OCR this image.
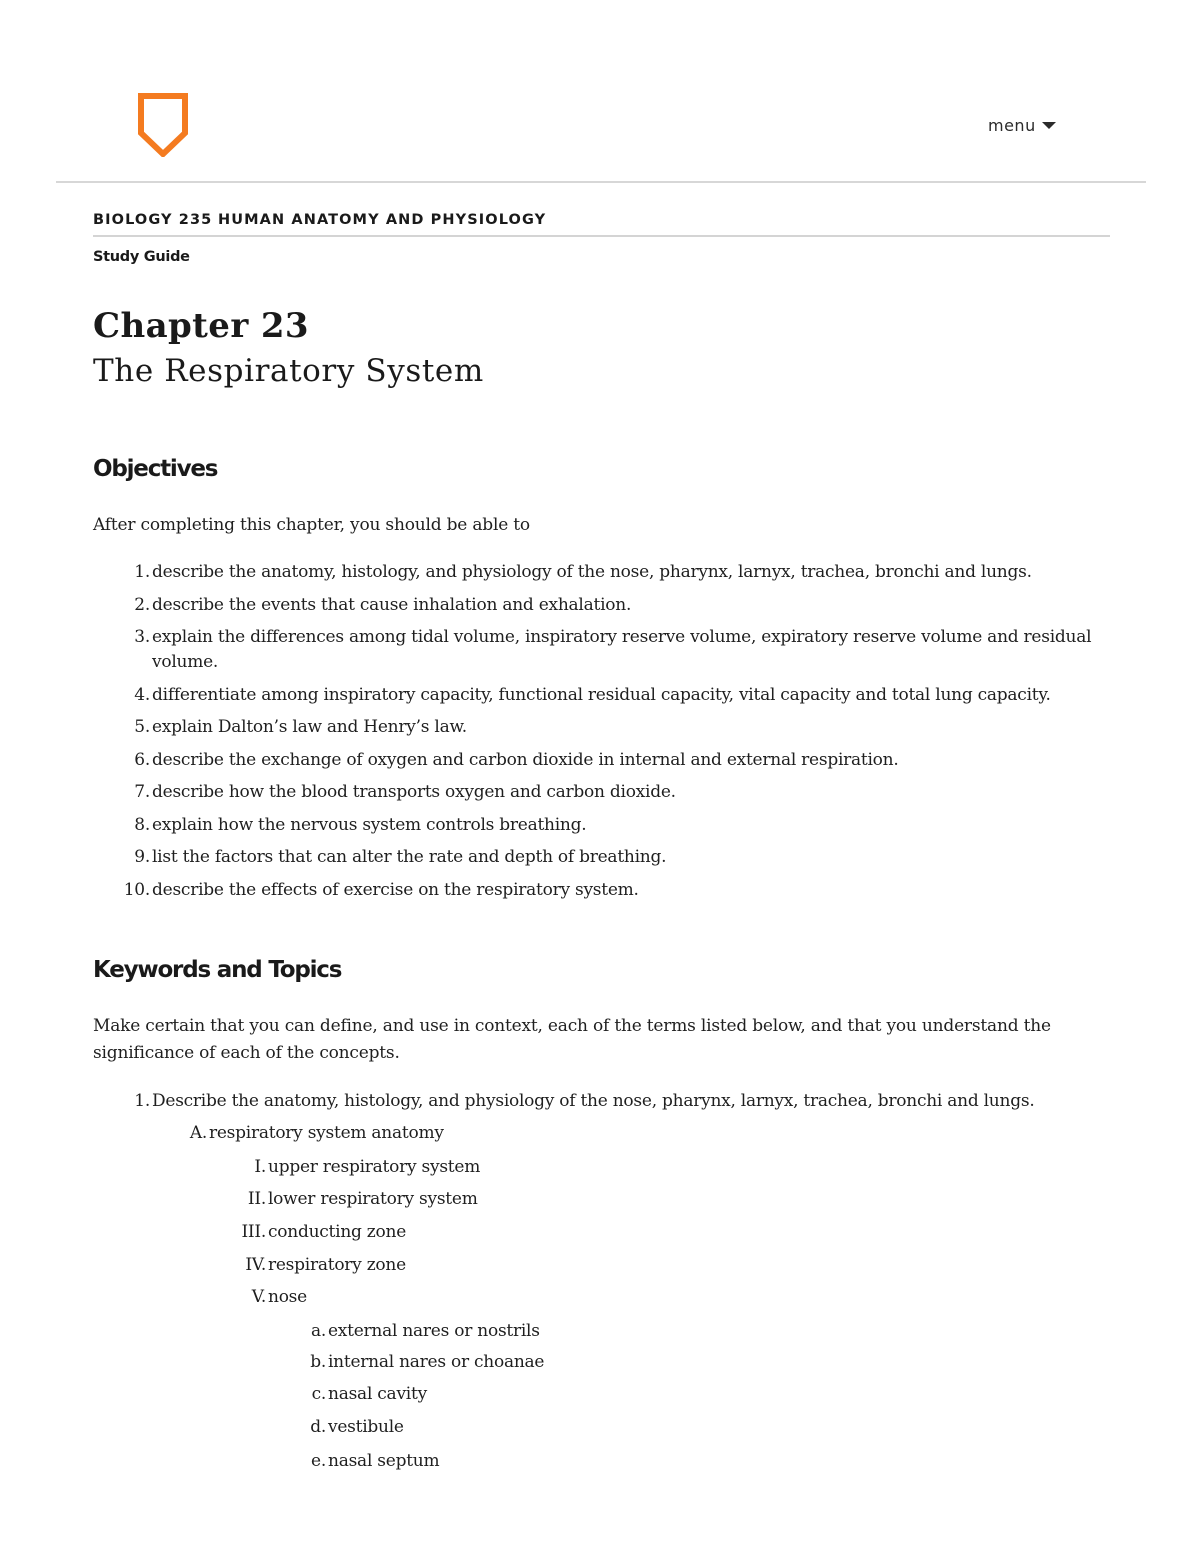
menu
BIOLOGY 235 HUMAN ANATOMY AND PHYSIOLOGY
Study Guide
Chapter 23
The Respiratory System
Objectives
After completing this chapter, you should be able to
1. describe the anatomy, histology, and physiology of the nose, pharynx, larnyx, trachea, bronchi and lungs.
2. describe the events that cause inhalation and exhalation.
3. explain the differences among tidal volume, inspiratory reserve volume, expiratory reserve volume and residual volume.
4. differentiate among inspiratory capacity, functional residual capacity, vital capacity and total lung capacity.
5. explain Dalton’s law and Henry’s law.
6. describe the exchange of oxygen and carbon dioxide in internal and external respiration.
7. describe how the blood transports oxygen and carbon dioxide.
8. explain how the nervous system controls breathing.
9. list the factors that can alter the rate and depth of breathing.
10. describe the effects of exercise on the respiratory system.
Keywords and Topics
Make certain that you can define, and use in context, each of the terms listed below, and that you understand the significance of each of the concepts.
1. Describe the anatomy, histology, and physiology of the nose, pharynx, larnyx, trachea, bronchi and lungs.
A. respiratory system anatomy
I. upper respiratory system
II. lower respiratory system
III. conducting zone
IV. respiratory zone
V. nose
a. external nares or nostrils
b. internal nares or choanae
c. nasal cavity
d. vestibule
e. nasal septum
